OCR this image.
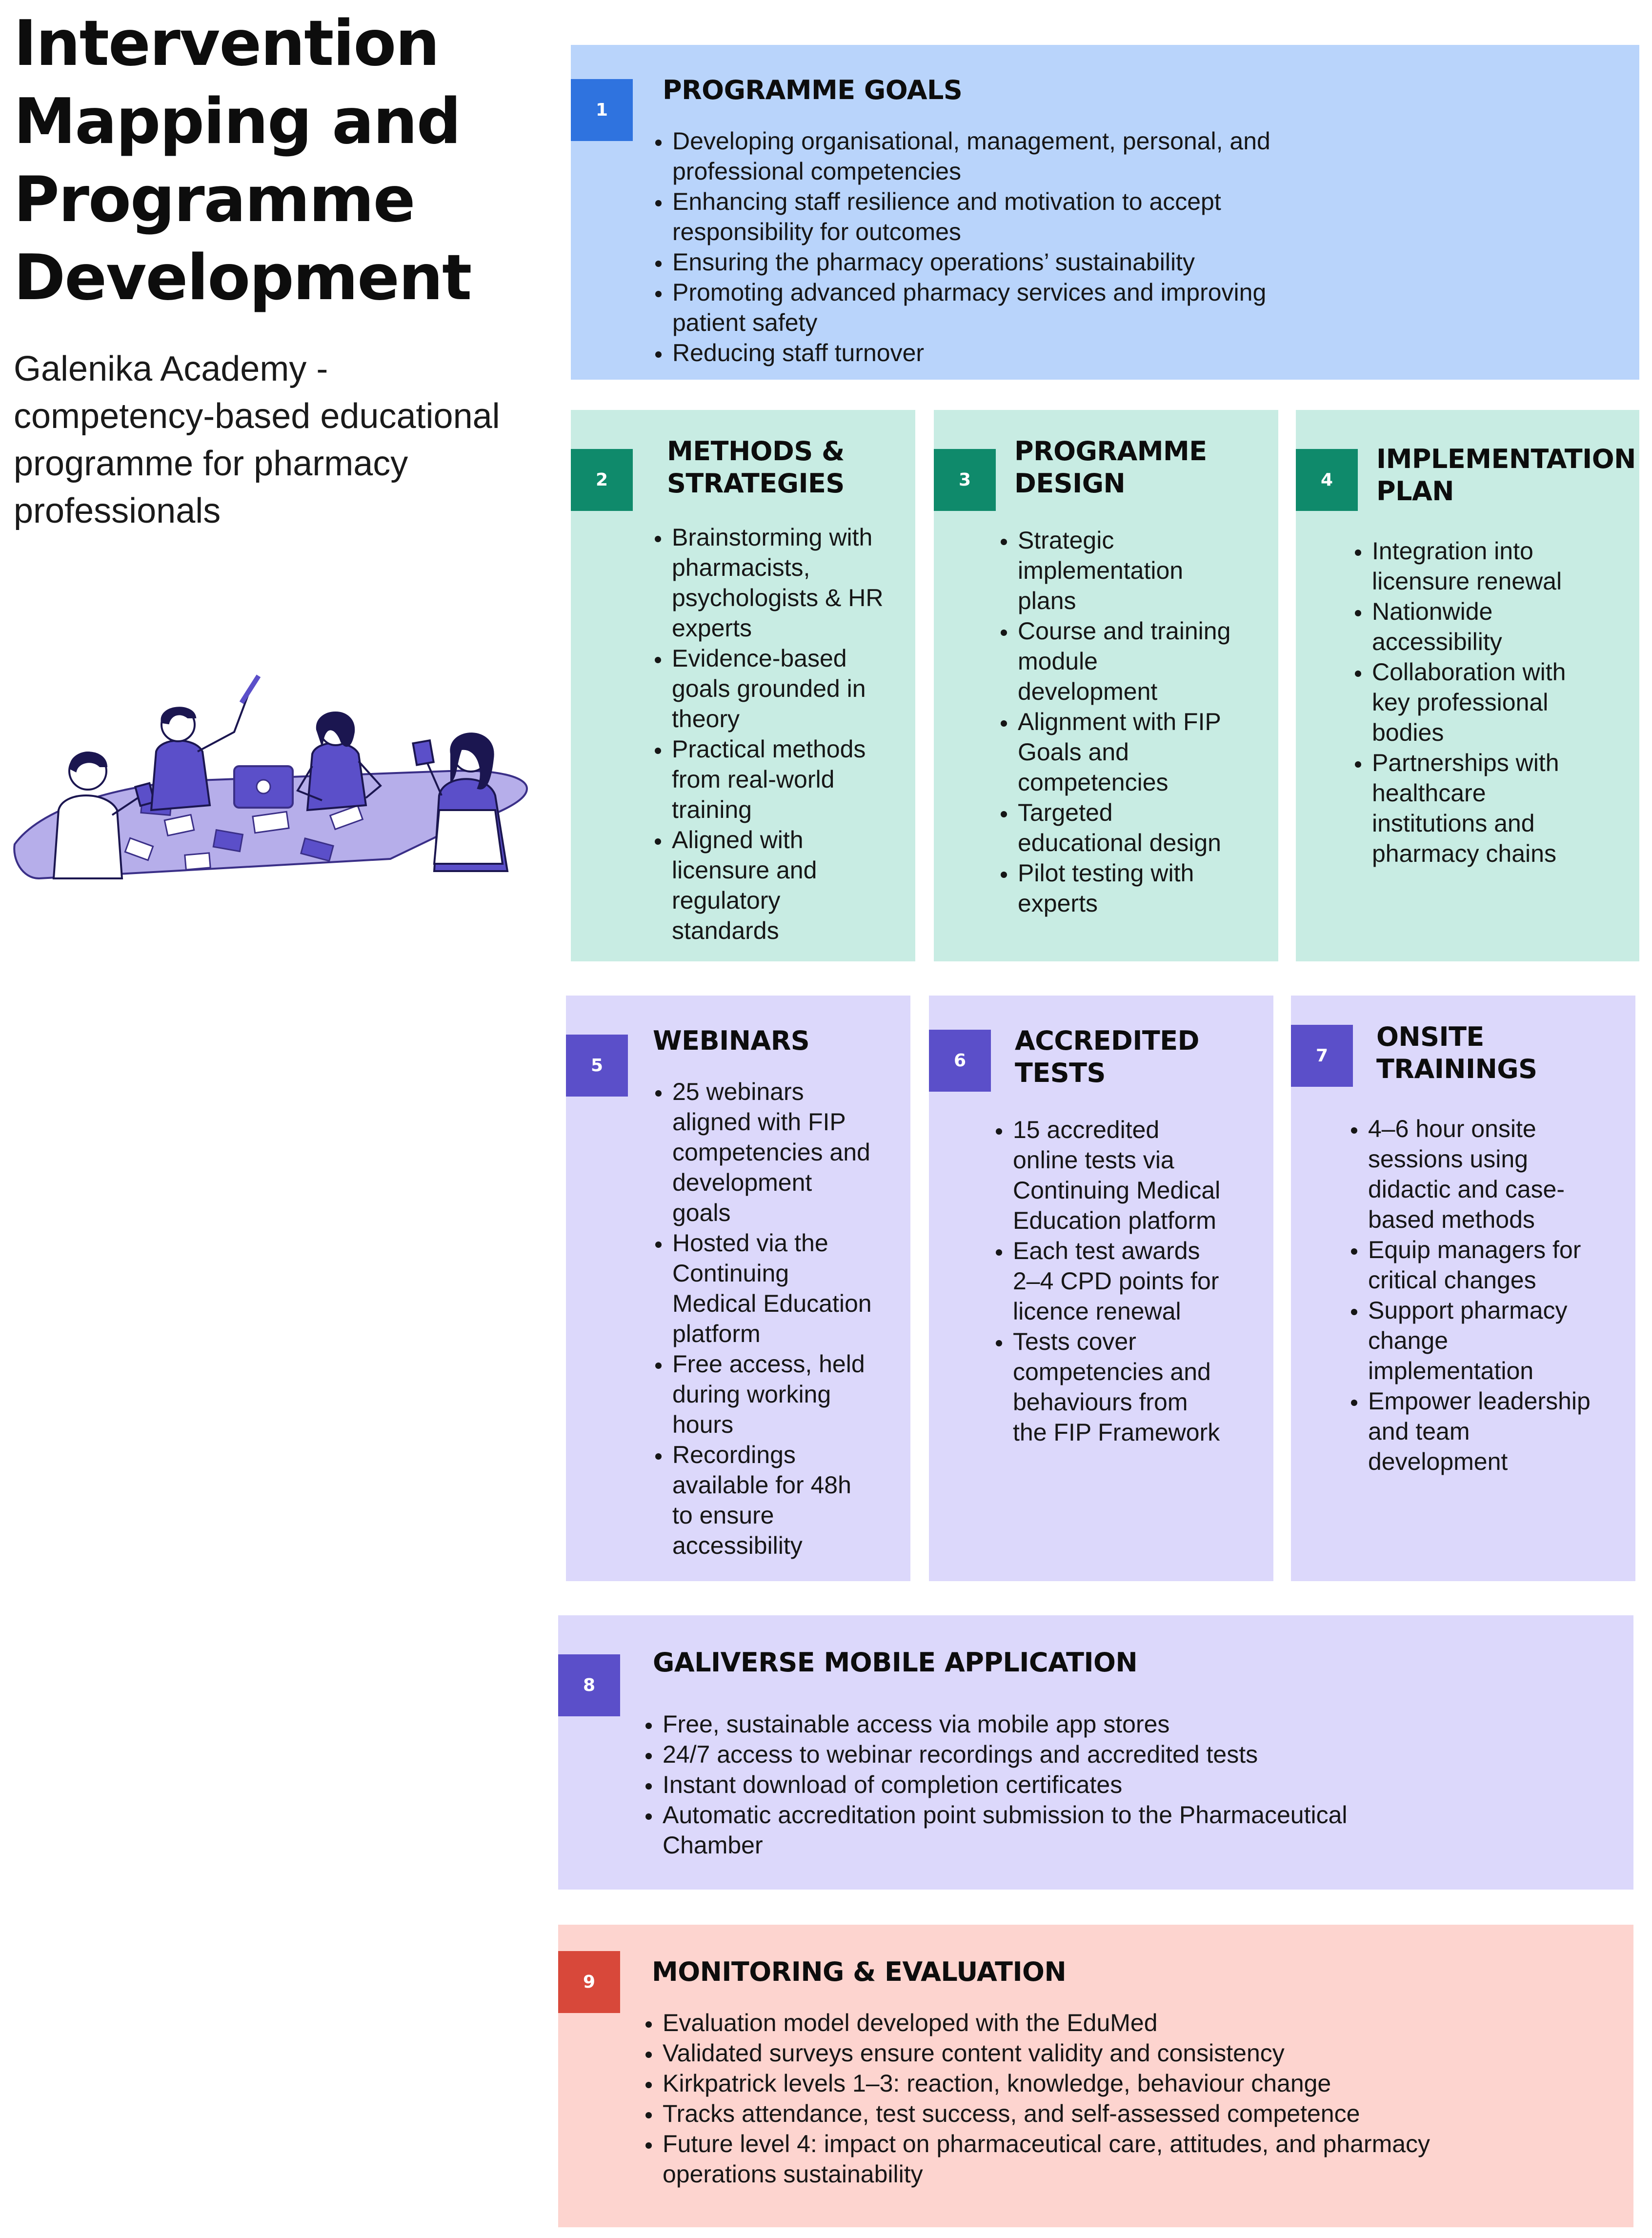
Intervention
Mapping and
Programme
Development
Galenika Academy -
competency-based educational
programme for pharmacy
professionals
1
PROGRAMME GOALS
• Developing organisational, management, personal, and
professional competencies
• Enhancing staff resilience and motivation to accept
responsibility for outcomes
• Ensuring the pharmacy operations’ sustainability
• Promoting advanced pharmacy services and improving
patient safety
• Reducing staff turnover
2
METHODS &
STRATEGIES
• Brainstorming with
pharmacists,
psychologists & HR
experts
• Evidence-based
goals grounded in
theory
• Practical methods
from real-world
training
• Aligned with
licensure and
regulatory
standards
3
PROGRAMME
DESIGN
• Strategic
implementation
plans
• Course and training
module
development
• Alignment with FIP
Goals and
competencies
• Targeted
educational design
• Pilot testing with
experts
4
IMPLEMENTATION
PLAN
• Integration into
licensure renewal
• Nationwide
accessibility
• Collaboration with
key professional
bodies
• Partnerships with
healthcare
institutions and
pharmacy chains
5
WEBINARS
• 25 webinars
aligned with FIP
competencies and
development
goals
• Hosted via the
Continuing
Medical Education
platform
• Free access, held
during working
hours
• Recordings
available for 48h
to ensure
accessibility
6
ACCREDITED
TESTS
• 15 accredited
online tests via
Continuing Medical
Education platform
• Each test awards
2–4 CPD points for
licence renewal
• Tests cover
competencies and
behaviours from
the FIP Framework
7
ONSITE
TRAININGS
• 4–6 hour onsite
sessions using
didactic and case-
based methods
• Equip managers for
critical changes
• Support pharmacy
change
implementation
• Empower leadership
and team
development
8
GALIVERSE MOBILE APPLICATION
• Free, sustainable access via mobile app stores
• 24/7 access to webinar recordings and accredited tests
• Instant download of completion certificates
• Automatic accreditation point submission to the Pharmaceutical
Chamber
9	MONITORING & EVALUATION
• Evaluation model developed with the EduMed
• Validated surveys ensure content validity and consistency
• Kirkpatrick levels 1–3: reaction, knowledge, behaviour change
• Tracks attendance, test success, and self-assessed competence
• Future level 4: impact on pharmaceutical care, attitudes, and pharmacy
operations sustainability
